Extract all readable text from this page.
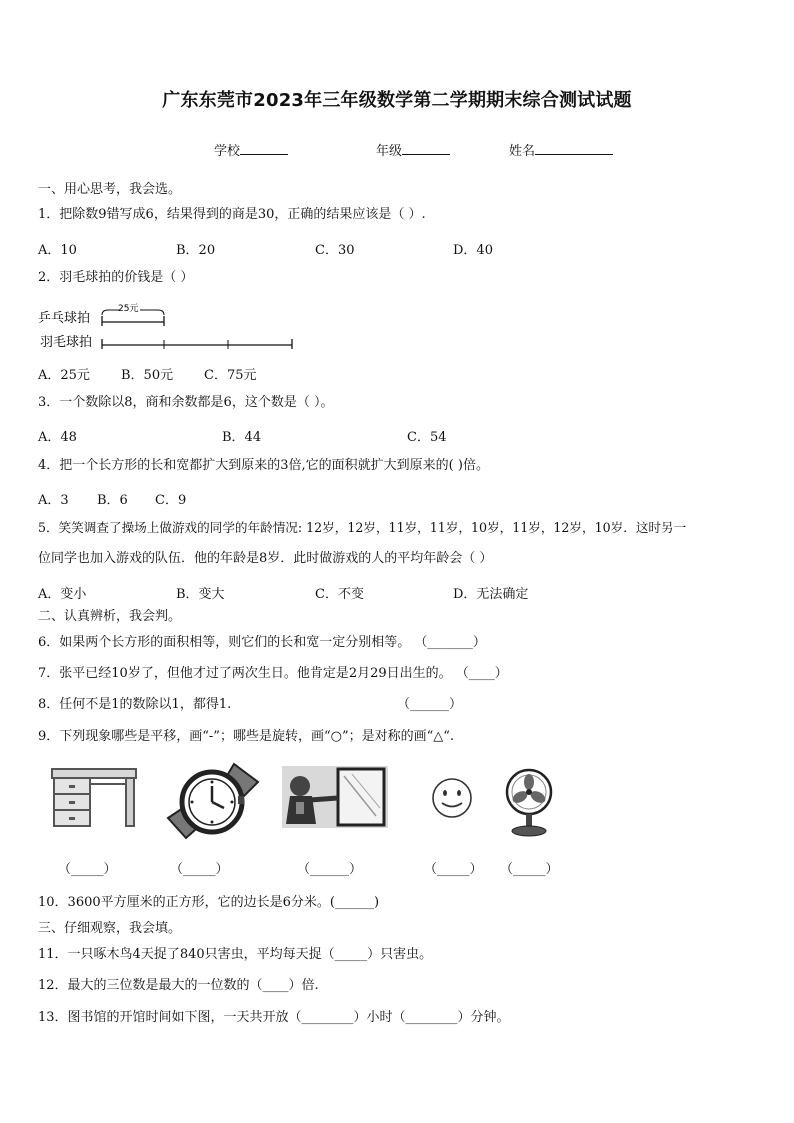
广东东莞市2023年三年级数学第二学期期末综合测试试题
学校	年级	姓名
一、用心思考，我会选。
1．把除数9错写成6，结果得到的商是30，正确的结果应该是（ ）.
A．10	B．20	C．30	D．40
2．羽毛球拍的价钱是（ ）
乒乓球拍
25元
羽毛球拍
A．25元 B．50元 C．75元
3．一个数除以8，商和余数都是6，这个数是（ ）。
A．48	B．44	C．54
4．把一个长方形的长和宽都扩大到原来的3倍,它的面积就扩大到原来的( )倍。
A．3 B．6 C．9
5．笑笑调查了操场上做游戏的同学的年龄情况: 12岁，12岁，11岁，11岁，10岁，11岁，12岁，10岁．这时另一
位同学也加入游戏的队伍．他的年龄是8岁．此时做游戏的人的平均年龄会（ ）
A．变小	B．变大	C．不变	D．无法确定
二、认真辨析，我会判。
6．如果两个长方形的面积相等，则它们的长和宽一定分别相等。 （_______）
7．张平已经10岁了，但他才过了两次生日。他肯定是2月29日出生的。 （____）
8．任何不是1的数除以1，都得1.	（______）
9．下列现象哪些是平移，画“-”；哪些是旋转，画“○”；是对称的画“△“.
（_____）	（_____）	（______）	（_____） （_____）
10．3600平方厘米的正方形，它的边长是6分米。(______)
三、仔细观察，我会填。
11．一只啄木鸟4天捉了840只害虫，平均每天捉（_____）只害虫。
12．最大的三位数是最大的一位数的（____）倍.
13．图书馆的开馆时间如下图，一天共开放（________）小时（________）分钟。
